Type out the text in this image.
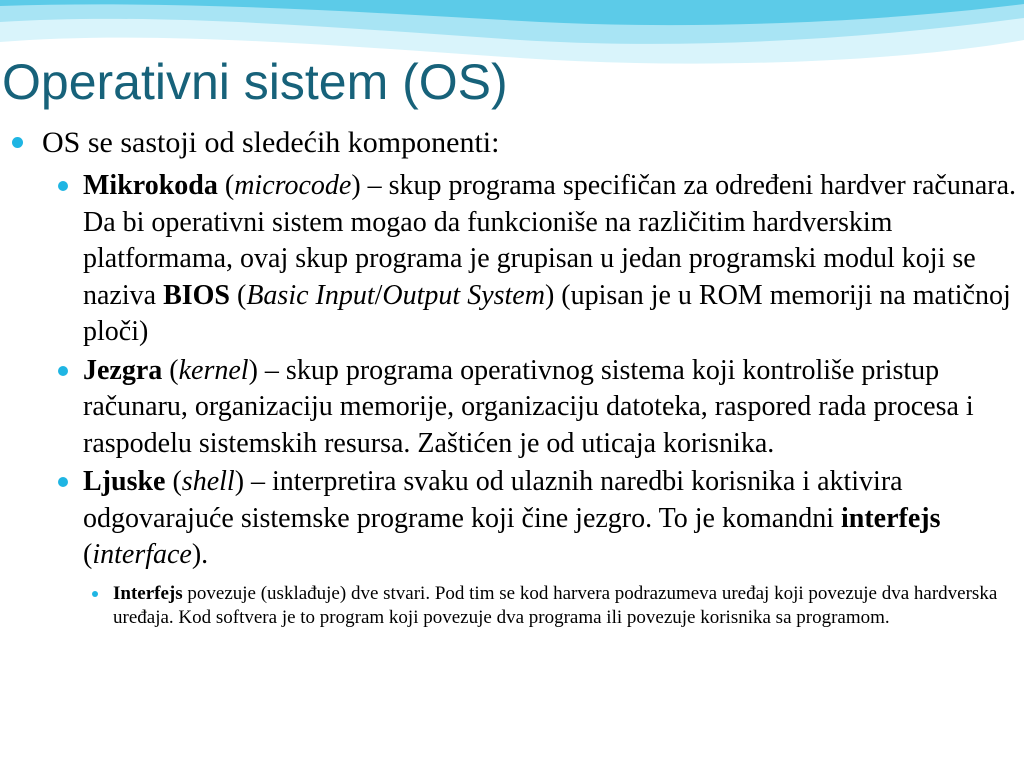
Operativni sistem (OS)
OS se sastoji od sledećih komponenti:
Mikrokoda (microcode) – skup programa specifičan za određeni hardver računara. Da bi operativni sistem mogao da funkcioniše na različitim hardverskim platformama, ovaj skup programa je grupisan u jedan programski modul koji se naziva BIOS (Basic Input/Output System) (upisan je u ROM memoriji na matičnoj ploči)
Jezgra (kernel) – skup programa operativnog sistema koji kontroliše pristup računaru, organizaciju memorije, organizaciju datoteka, raspored rada procesa i raspodelu sistemskih resursa. Zaštićen je od uticaja korisnika.
Ljuske (shell) – interpretira svaku od ulaznih naredbi korisnika i aktivira odgovarajuće sistemske programe koji čine jezgro. To je komandni interfejs (interface).
Interfejs povezuje (usklađuje) dve stvari. Pod tim se kod harvera podrazumeva uređaj koji povezuje dva hardverska uređaja. Kod softvera je to program koji povezuje dva programa ili povezuje korisnika sa programom.
